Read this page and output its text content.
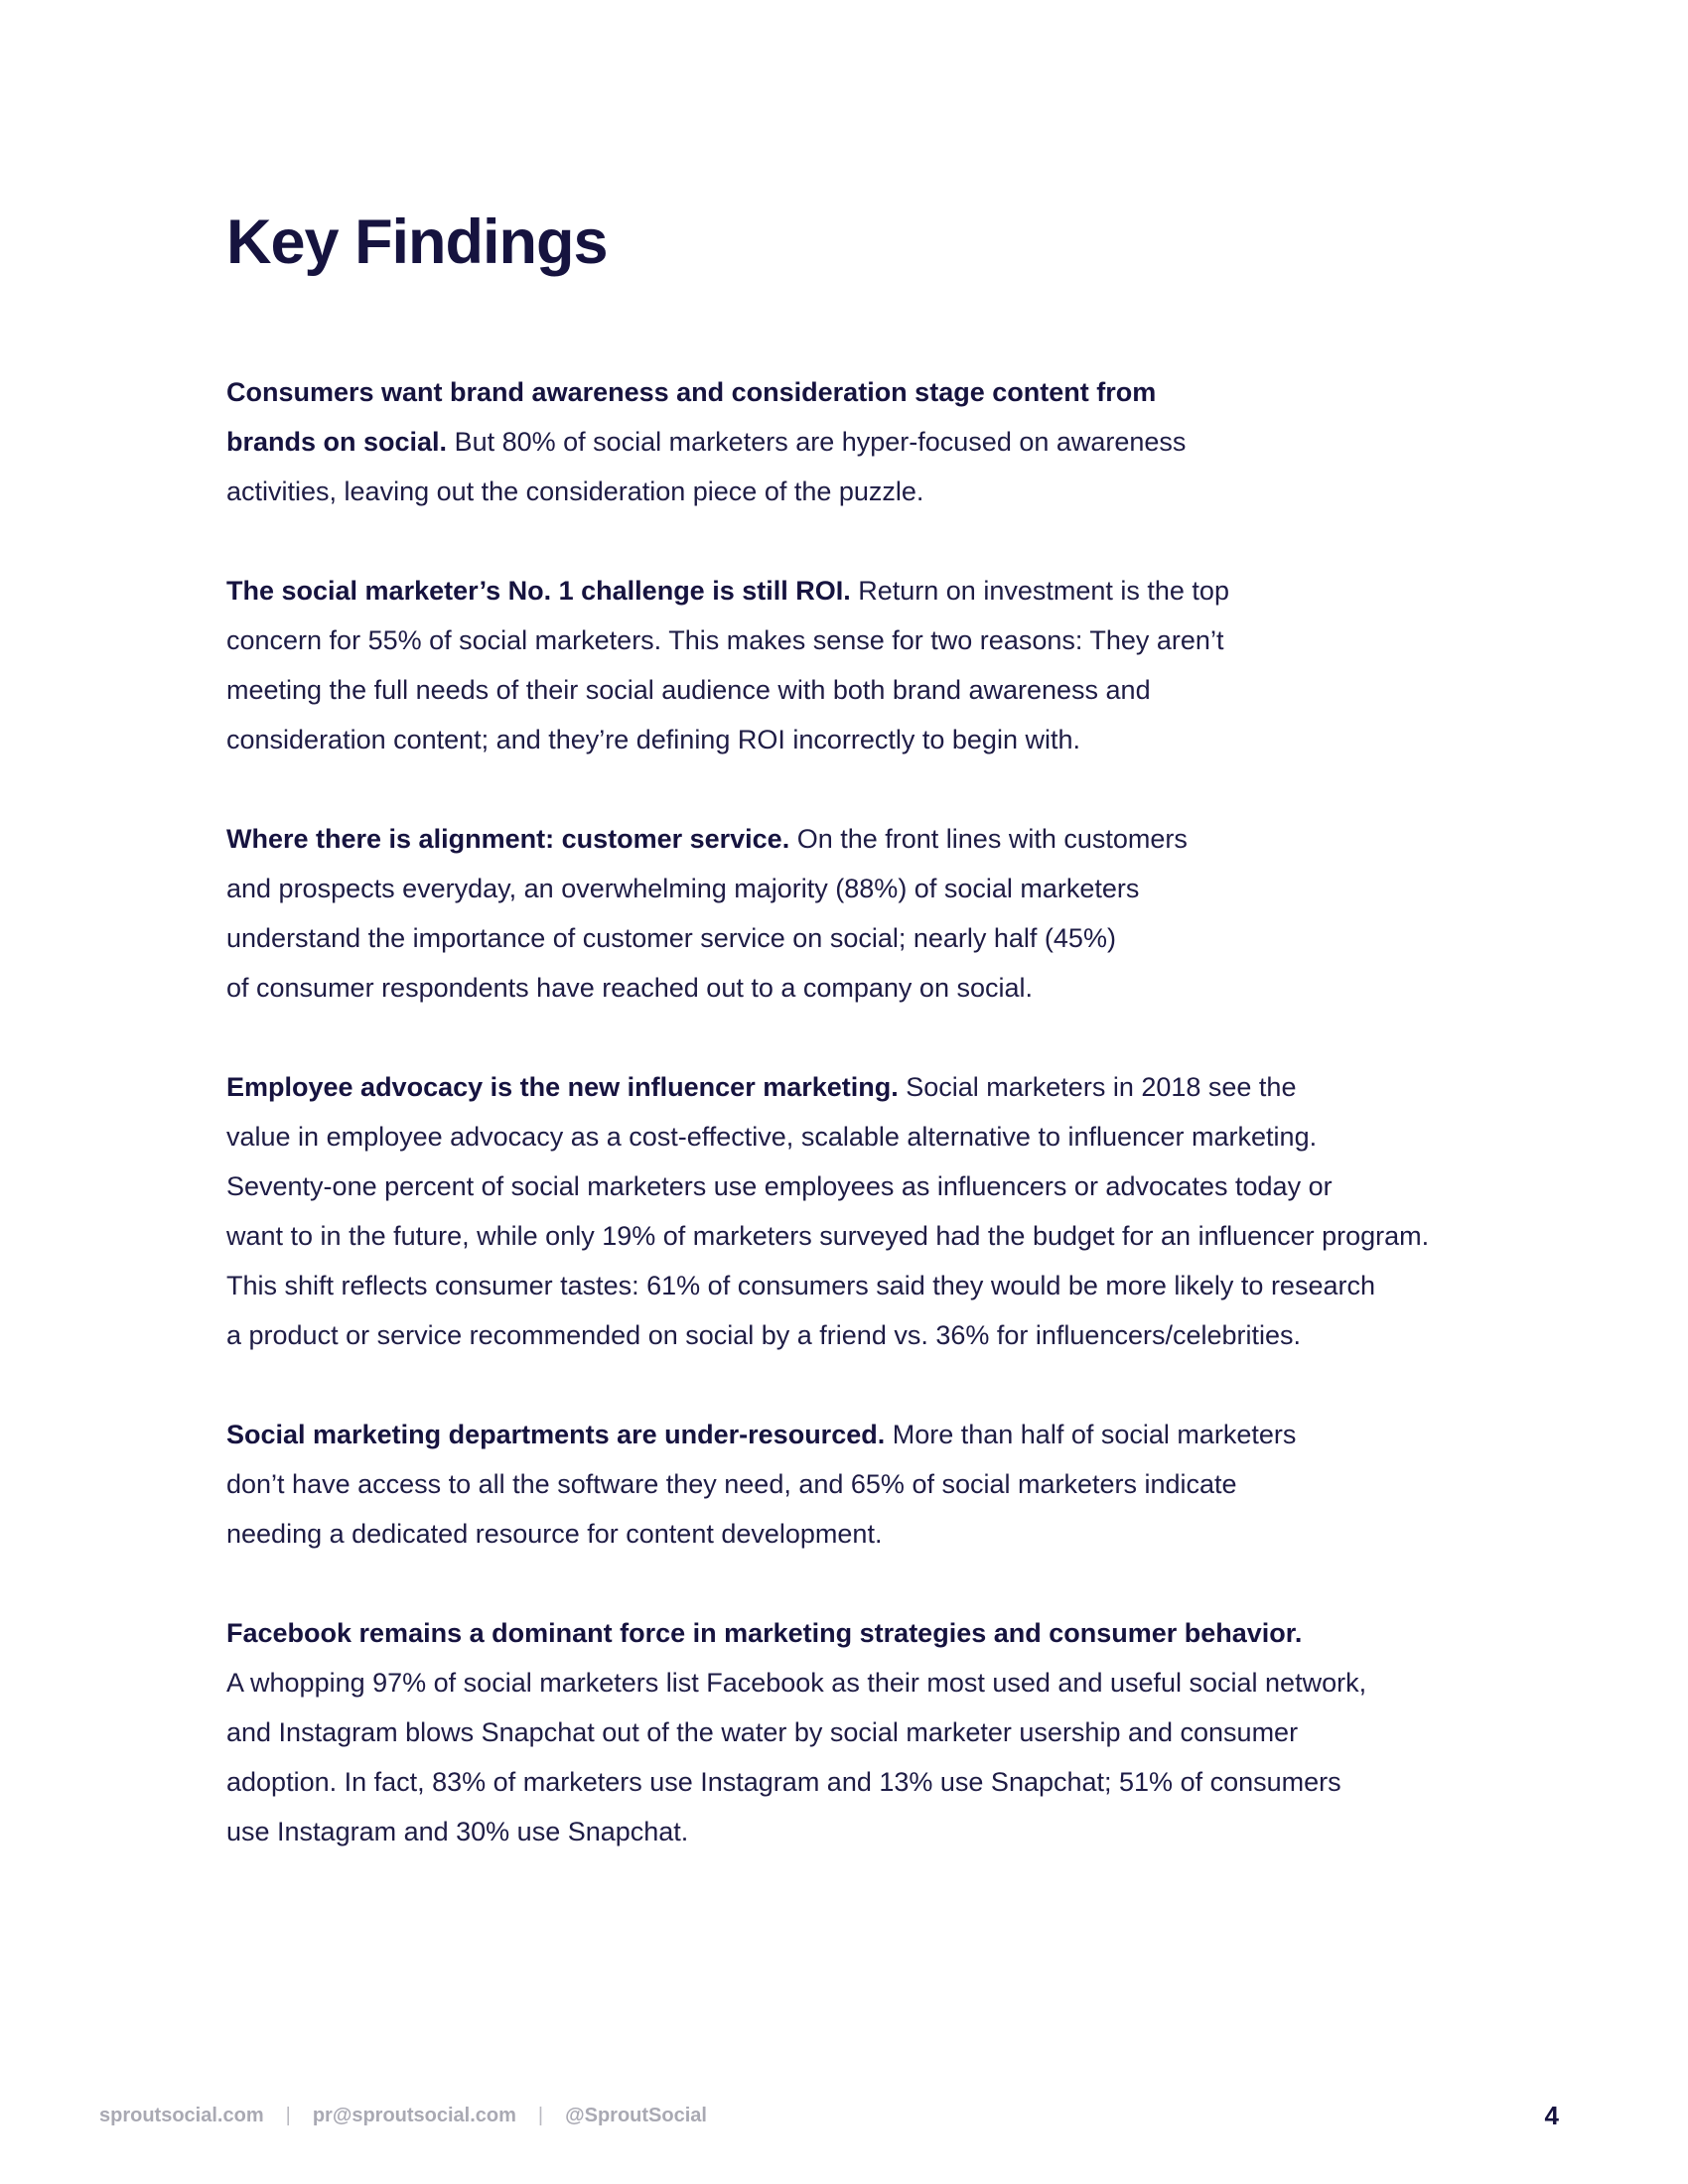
Key Findings

Consumers want brand awareness and consideration stage content from
brands on social. But 80% of social marketers are hyper-focused on awareness
activities, leaving out the consideration piece of the puzzle.

The social marketer’s No. 1 challenge is still ROI. Return on investment is the top
concern for 55% of social marketers. This makes sense for two reasons: They aren’t
meeting the full needs of their social audience with both brand awareness and
consideration content; and they’re defining ROI incorrectly to begin with.

Where there is alignment: customer service. On the front lines with customers
and prospects everyday, an overwhelming majority (88%) of social marketers
understand the importance of customer service on social; nearly half (45%)
of consumer respondents have reached out to a company on social.

Employee advocacy is the new influencer marketing. Social marketers in 2018 see the
value in employee advocacy as a cost-effective, scalable alternative to influencer marketing.
Seventy-one percent of social marketers use employees as influencers or advocates today or
want to in the future, while only 19% of marketers surveyed had the budget for an influencer program.
This shift reflects consumer tastes: 61% of consumers said they would be more likely to research
a product or service recommended on social by a friend vs. 36% for influencers/celebrities.

Social marketing departments are under-resourced. More than half of social marketers
don’t have access to all the software they need, and 65% of social marketers indicate
needing a dedicated resource for content development.

Facebook remains a dominant force in marketing strategies and consumer behavior.
A whopping 97% of social marketers list Facebook as their most used and useful social network,
and Instagram blows Snapchat out of the water by social marketer usership and consumer
adoption. In fact, 83% of marketers use Instagram and 13% use Snapchat; 51% of consumers
use Instagram and 30% use Snapchat.

sproutsocial.com | pr@sproutsocial.com | @SproutSocial	4
